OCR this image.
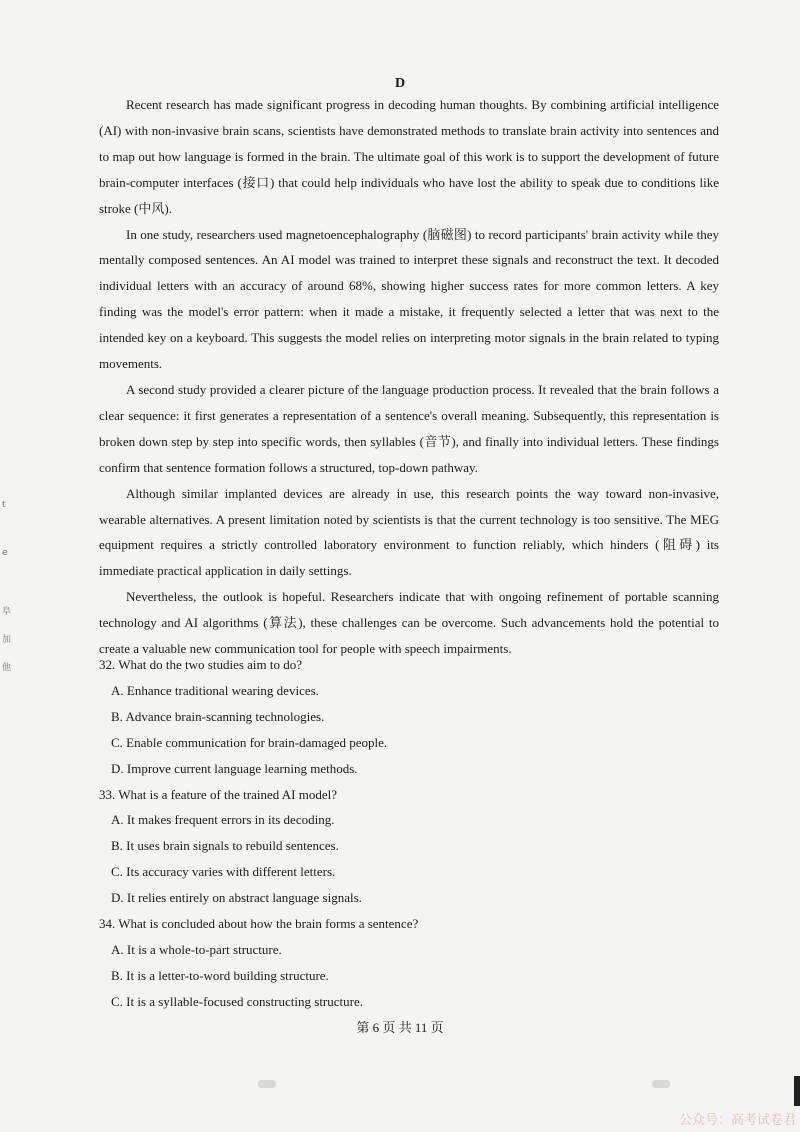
D

Recent research has made significant progress in decoding human thoughts. By combining artificial intelligence (AI) with non-invasive brain scans, scientists have demonstrated methods to translate brain activity into sentences and to map out how language is formed in the brain. The ultimate goal of this work is to support the development of future brain-computer interfaces (接口) that could help individuals who have lost the ability to speak due to conditions like stroke (中风).

In one study, researchers used magnetoencephalography (脑磁图) to record participants' brain activity while they mentally composed sentences. An AI model was trained to interpret these signals and reconstruct the text. It decoded individual letters with an accuracy of around 68%, showing higher success rates for more common letters. A key finding was the model's error pattern: when it made a mistake, it frequently selected a letter that was next to the intended key on a keyboard. This suggests the model relies on interpreting motor signals in the brain related to typing movements.

A second study provided a clearer picture of the language production process. It revealed that the brain follows a clear sequence: it first generates a representation of a sentence's overall meaning. Subsequently, this representation is broken down step by step into specific words, then syllables (音节), and finally into individual letters. These findings confirm that sentence formation follows a structured, top-down pathway.

Although similar implanted devices are already in use, this research points the way toward non-invasive, wearable alternatives. A present limitation noted by scientists is that the current technology is too sensitive. The MEG equipment requires a strictly controlled laboratory environment to function reliably, which hinders (阻碍) its immediate practical application in daily settings.

Nevertheless, the outlook is hopeful. Researchers indicate that with ongoing refinement of portable scanning technology and AI algorithms (算法), these challenges can be overcome. Such advancements hold the potential to create a valuable new communication tool for people with speech impairments.

32. What do the two studies aim to do?

A. Enhance traditional wearing devices.

B. Advance brain-scanning technologies.

C. Enable communication for brain-damaged people.

D. Improve current language learning methods.

33. What is a feature of the trained AI model?

A. It makes frequent errors in its decoding.

B. It uses brain signals to rebuild sentences.

C. Its accuracy varies with different letters.

D. It relies entirely on abstract language signals.

34. What is concluded about how the brain forms a sentence?

A. It is a whole-to-part structure.

B. It is a letter-to-word building structure.

C. It is a syllable-focused constructing structure.

第 6 页 共 11 页
t
e
阜
加
他
公众号：高考试卷君
